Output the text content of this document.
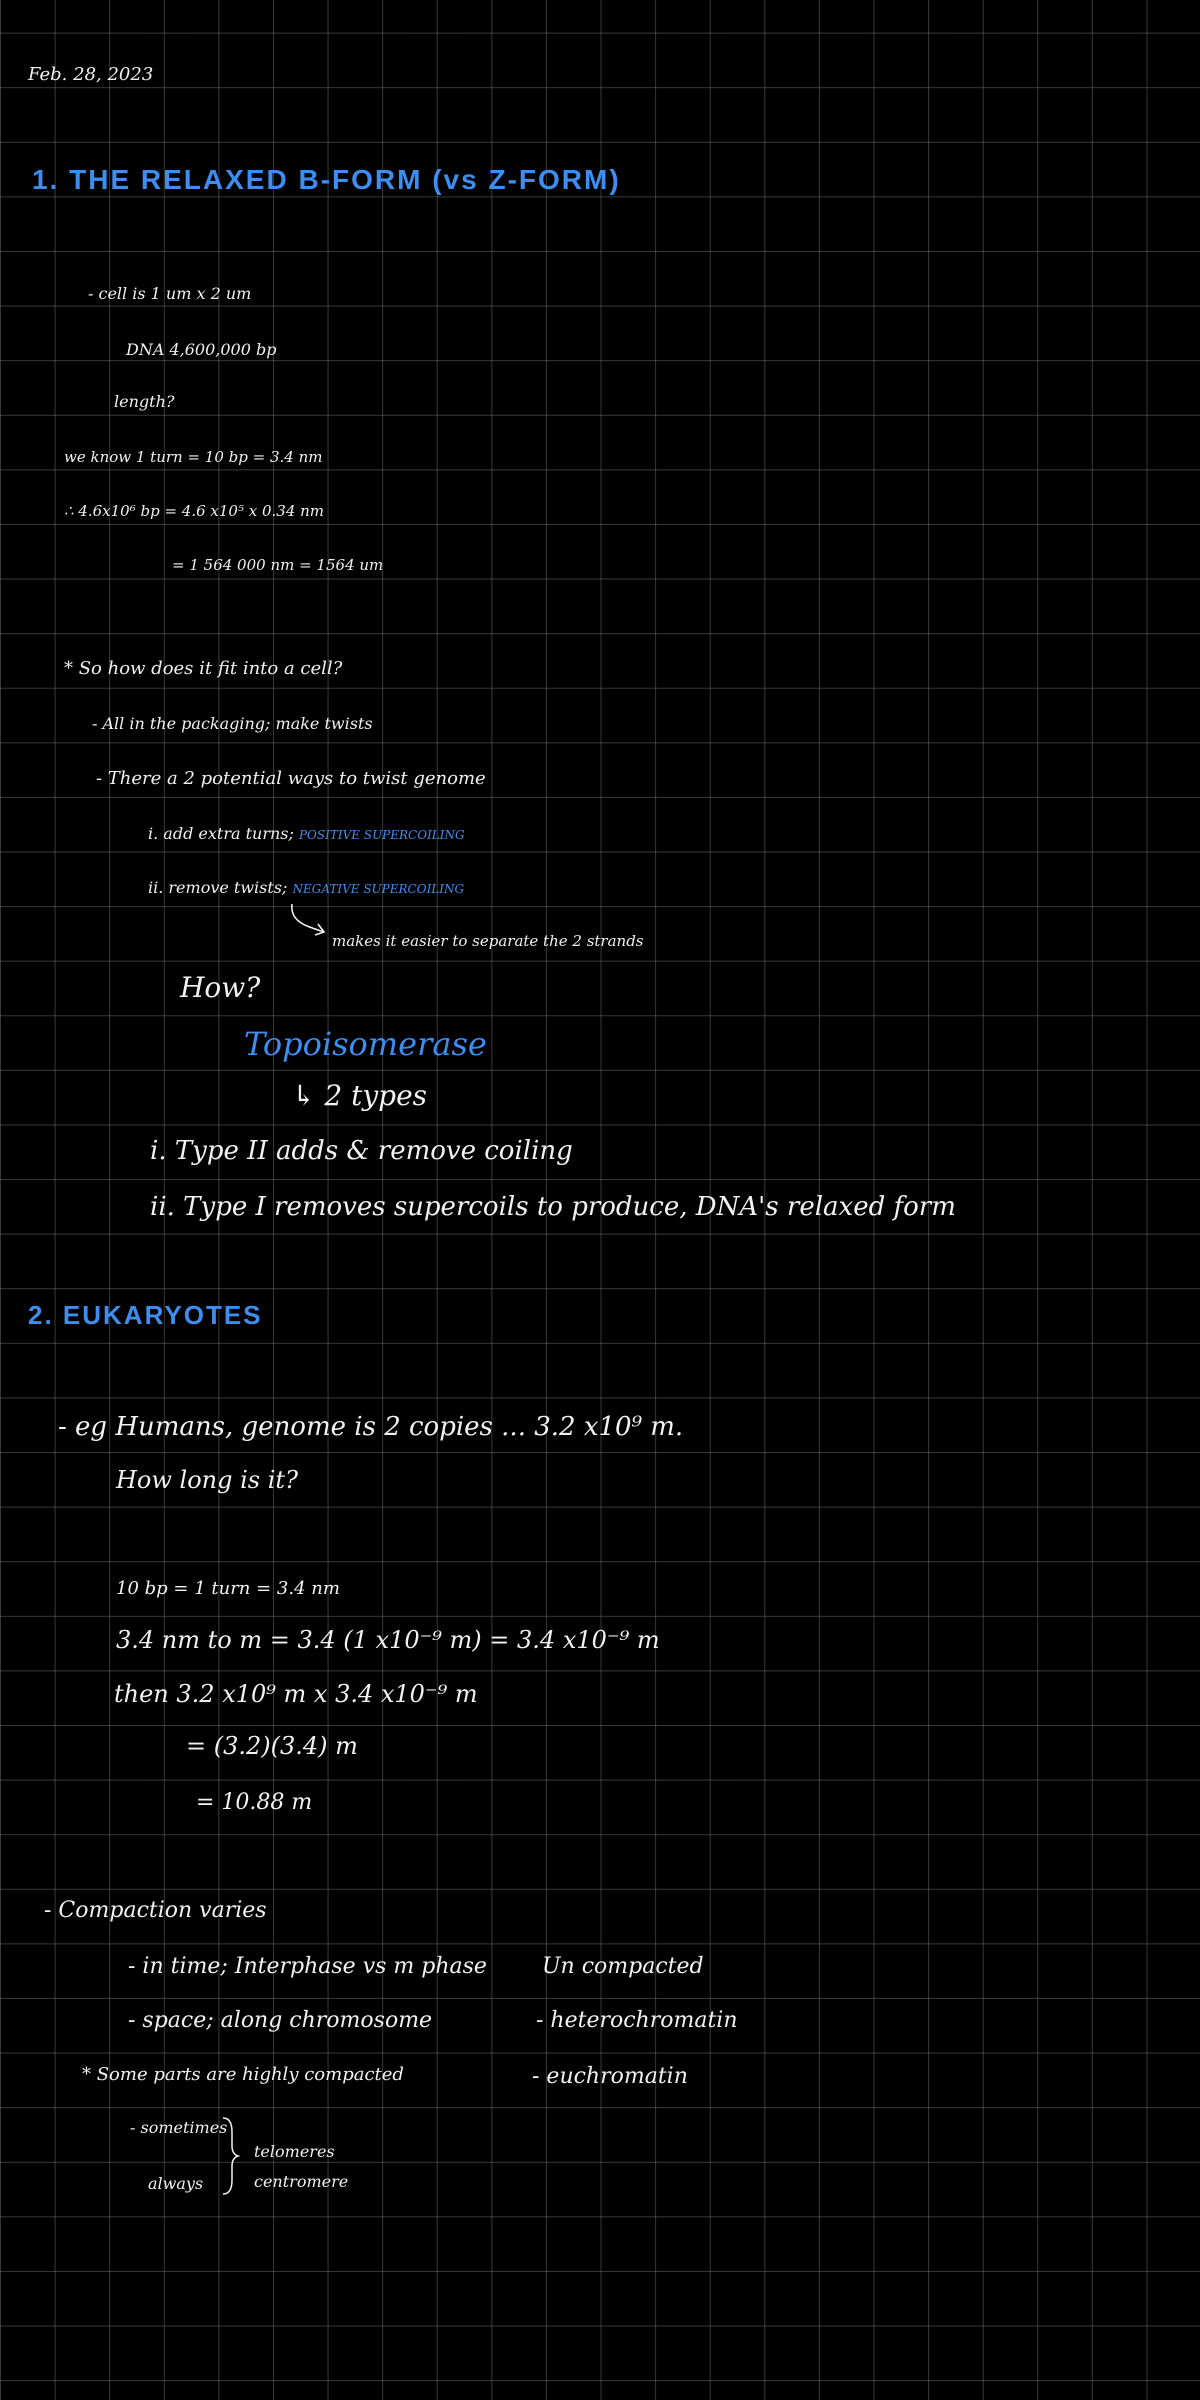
Feb. 28, 2023
1. THE RELAXED B-FORM (vs Z-FORM)
- cell is 1 um x 2 um
DNA 4,600,000 bp
length?
we know 1 turn = 10 bp = 3.4 nm
∴ 4.6x10⁶ bp = 4.6 x10⁵ x 0.34 nm
= 1 564 000 nm = 1564 um
* So how does it fit into a cell?
- All in the packaging; make twists
- There a 2 potential ways to twist genome
i. add extra turns; POSITIVE SUPERCOILING
ii. remove twists; NEGATIVE SUPERCOILING
makes it easier to separate the 2 strands
How?
Topoisomerase
↳ 2 types
i. Type II adds & remove coiling
ii. Type I removes supercoils to produce, DNA's relaxed form
2. EUKARYOTES
- eg Humans, genome is 2 copies ... 3.2 x10⁹ m.
How long is it?
10 bp = 1 turn = 3.4 nm
3.4 nm to m = 3.4 (1 x10⁻⁹ m) = 3.4 x10⁻⁹ m
then 3.2 x10⁹ m x 3.4 x10⁻⁹ m
= (3.2)(3.4) m
= 10.88 m
- Compaction varies
- in time; Interphase vs m phase
- space; along chromosome
* Some parts are highly compacted
- sometimes
always
telomeres
centromere
Un compacted
- heterochromatin
- euchromatin
